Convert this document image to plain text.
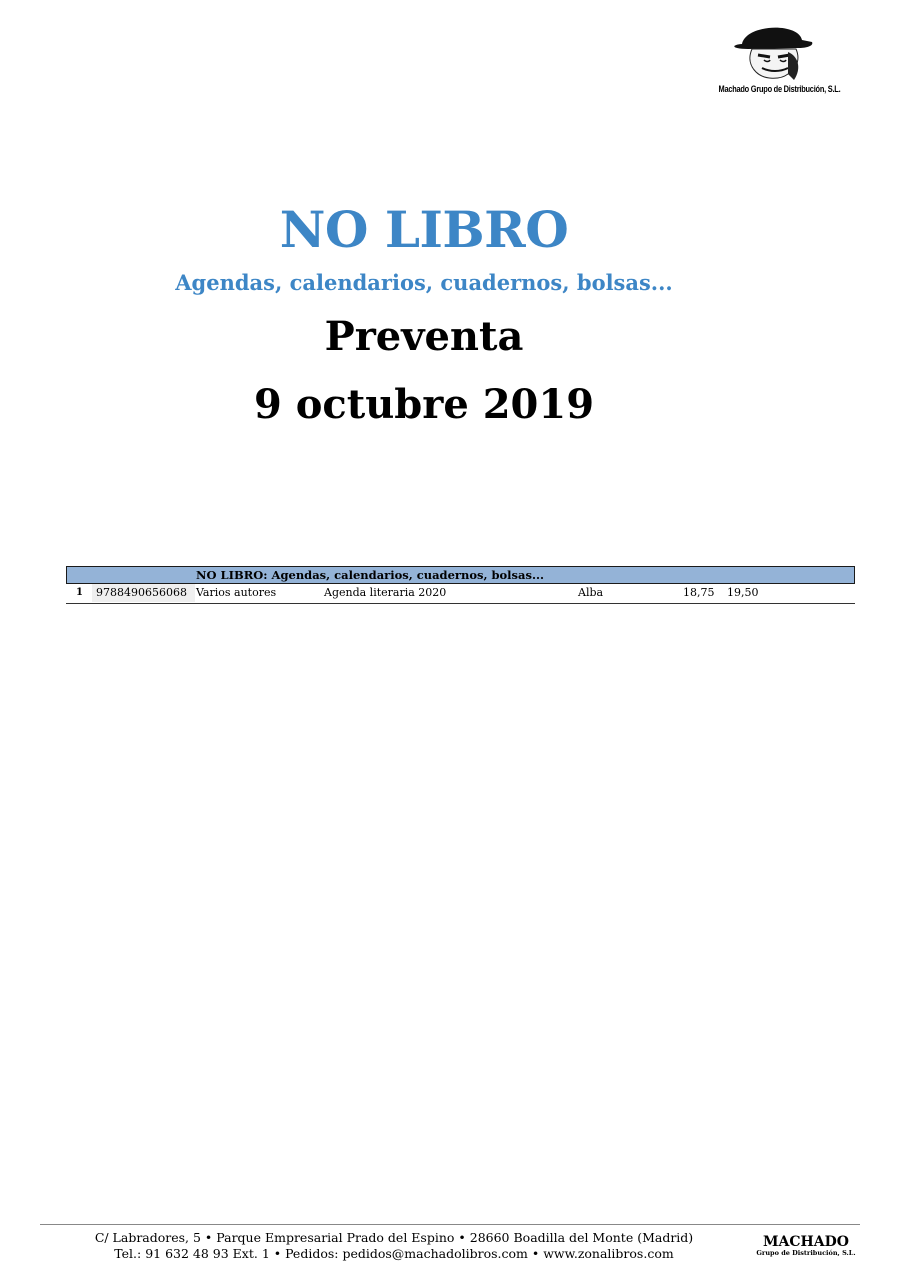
Machado Grupo de Distribución, S.L.
NO LIBRO
Agendas, calendarios, cuadernos, bolsas...
Preventa
9 octubre 2019
NO LIBRO: Agendas, calendarios, cuadernos, bolsas...
1	9788490656068 Varios autores	Agenda literaria 2020	Alba	18,75 19,50
C/ Labradores, 5 • Parque Empresarial Prado del Espino • 28660 Boadilla del Monte (Madrid)
Tel.: 91 632 48 93 Ext. 1 • Pedidos: pedidos@machadolibros.com • www.zonalibros.com
MACHADO
Grupo de Distribución, S.L.
